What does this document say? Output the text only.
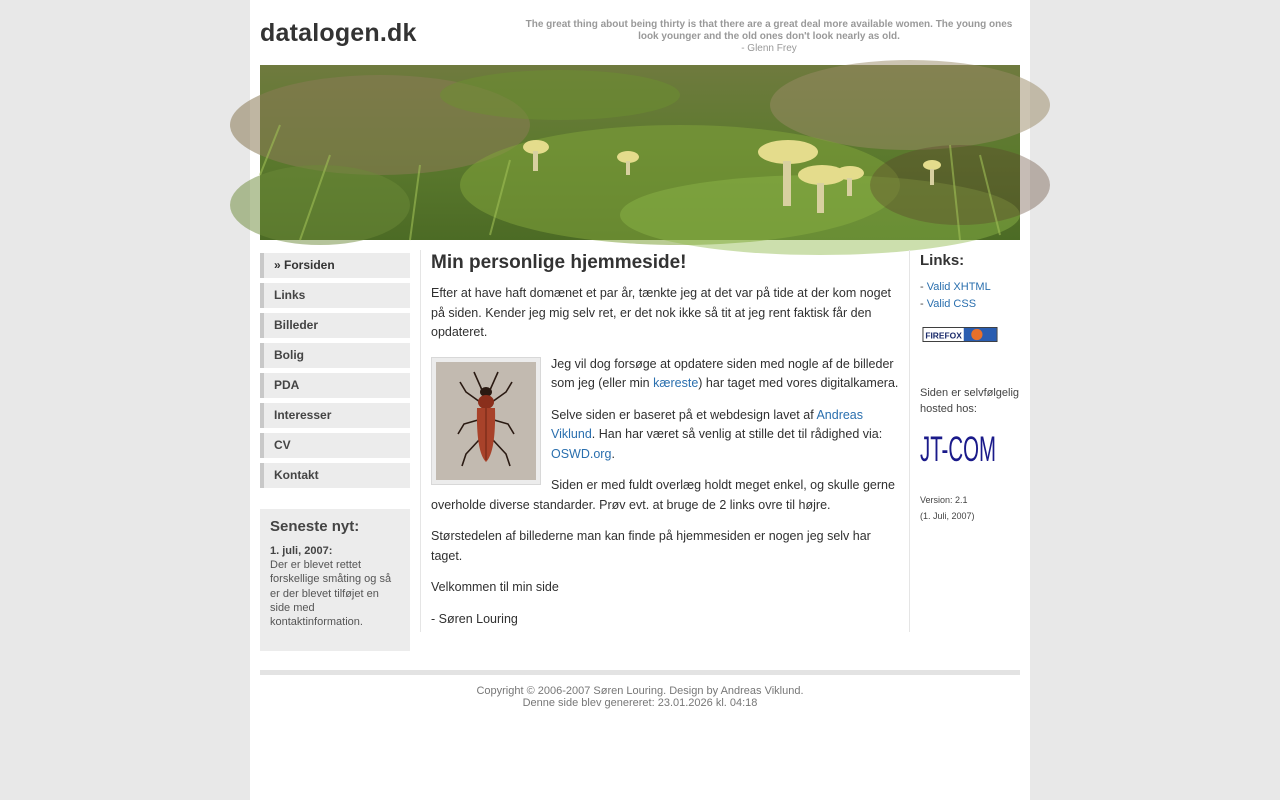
datalogen.dk	The great thing about being thirty is that there are a great deal more available women. The young ones look younger and the old ones don't look nearly as old.
- Glenn Frey
» Forsiden
Links
Billeder
Bolig
PDA
Interesser
CV
Kontakt
Seneste nyt:
1. juli, 2007:
Der er blevet rettet forskellige småting og så er der blevet tilføjet en side med kontaktinformation.
Min personlige hjemmeside!

Efter at have haft domænet et par år, tænkte jeg at det var på tide at der kom noget på siden. Kender jeg mig selv ret, er det nok ikke så tit at jeg rent faktisk får den opdateret.

Jeg vil dog forsøge at opdatere siden med nogle af de billeder som jeg (eller min kæreste) har taget med vores digitalkamera.

Selve siden er baseret på et webdesign lavet af Andreas Viklund. Han har været så venlig at stille det til rådighed via: OSWD.org.

Siden er med fuldt overlæg holdt meget enkel, og skulle gerne overholde diverse standarder. Prøv evt. at bruge de 2 links ovre til højre.

Størstedelen af billederne man kan finde på hjemmesiden er nogen jeg selv har taget.

Velkommen til min side

- Søren Louring

Links:
- Valid XHTML
- Valid CSS
FIREFOX
Siden er selvfølgelig hosted hos:
JT-COM
Version: 2.1
(1. Juli, 2007)
Copyright © 2006-2007 Søren Louring. Design by Andreas Viklund.
Denne side blev genereret: 23.01.2026 kl. 04:18
